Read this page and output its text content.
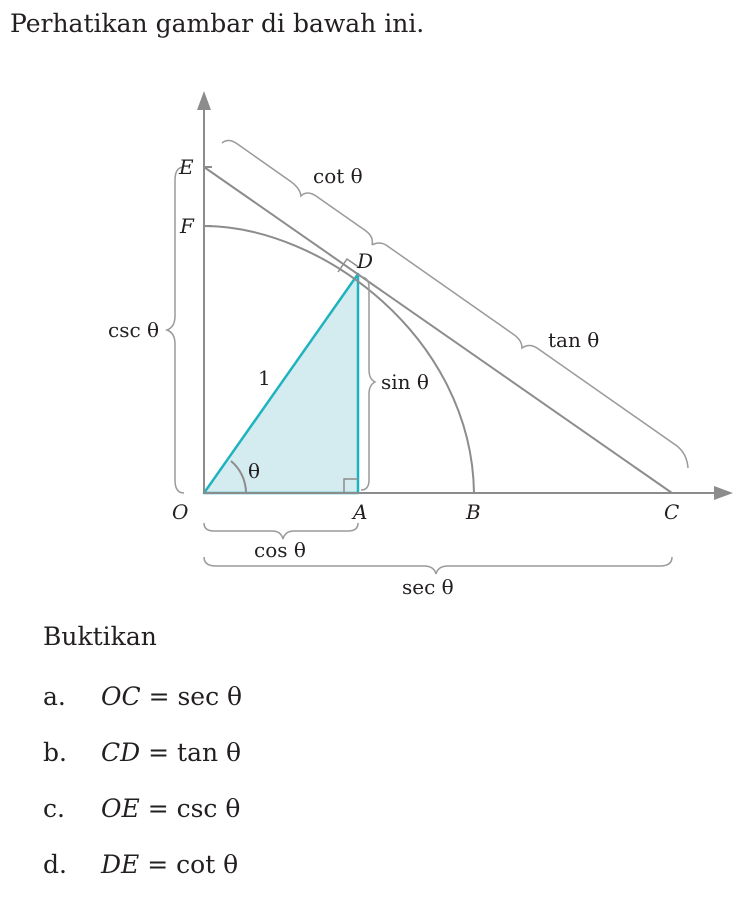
Perhatikan gambar di bawah ini.

E
F
D
O	A	B	C
1
θ
sin θ
cos θ
sec θ
csc θ
cot θ
tan θ

Buktikan

a. OC = sec θ
b. CD = tan θ
c. OE = csc θ
d. DE = cot θ
